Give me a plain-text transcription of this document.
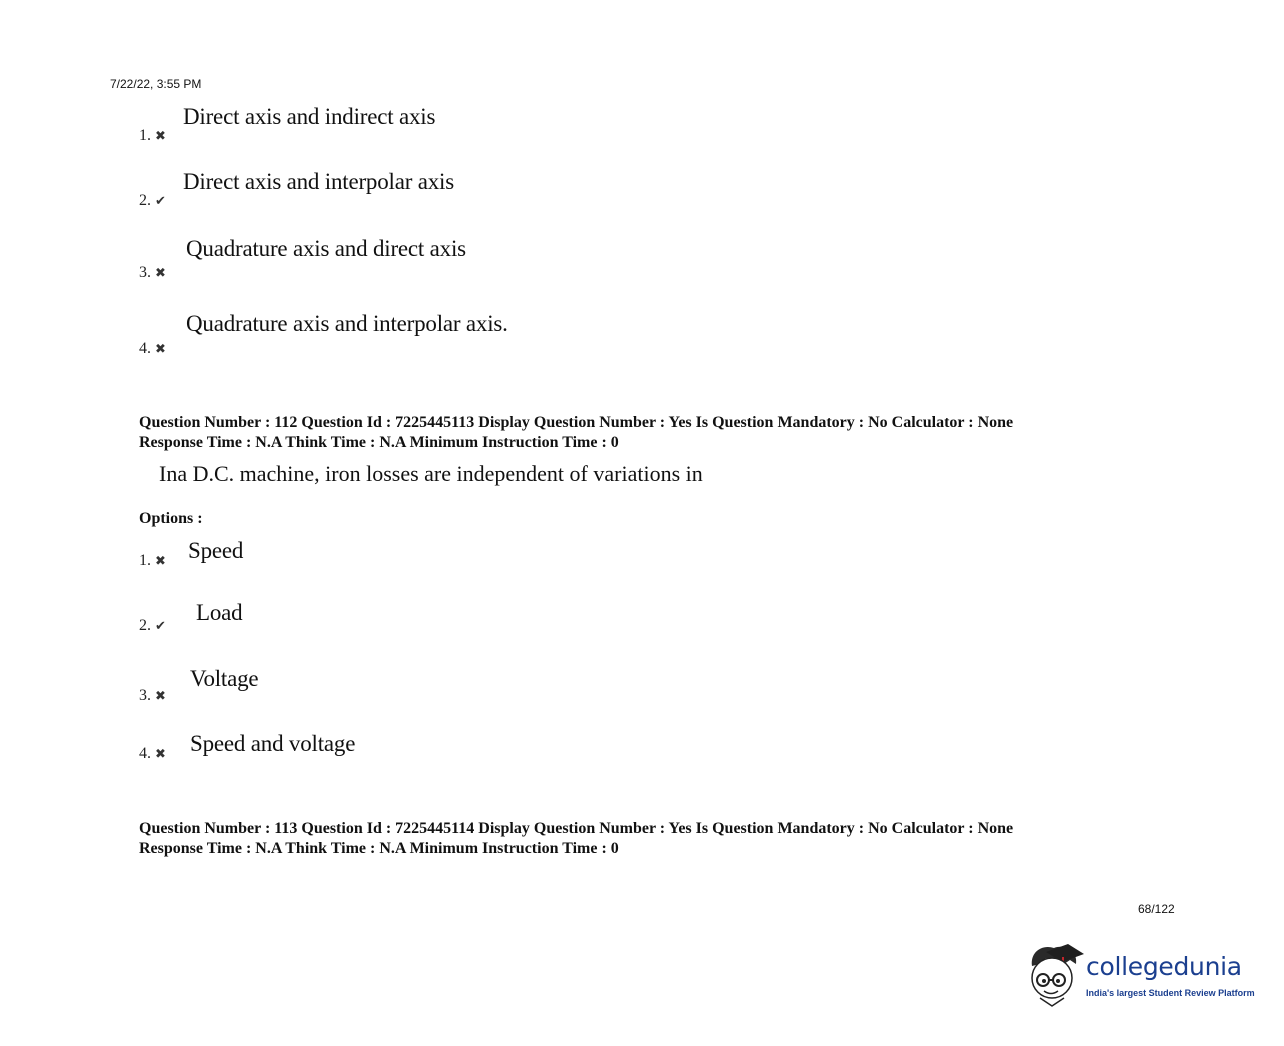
7/22/22, 3:55 PM
Direct axis and indirect axis
1. ✖
Direct axis and interpolar axis
2. ✔
Quadrature axis and direct axis
3. ✖
Quadrature axis and interpolar axis.
4. ✖
Question Number : 112 Question Id : 7225445113 Display Question Number : Yes Is Question Mandatory : No Calculator : None
Response Time : N.A Think Time : N.A Minimum Instruction Time : 0
Ina D.C. machine, iron losses are independent of variations in
Options :
Speed
1. ✖
Load
2. ✔
Voltage
3. ✖
Speed and voltage
4. ✖
Question Number : 113 Question Id : 7225445114 Display Question Number : Yes Is Question Mandatory : No Calculator : None
Response Time : N.A Think Time : N.A Minimum Instruction Time : 0
68/122
collegedunia
India's largest Student Review Platform
